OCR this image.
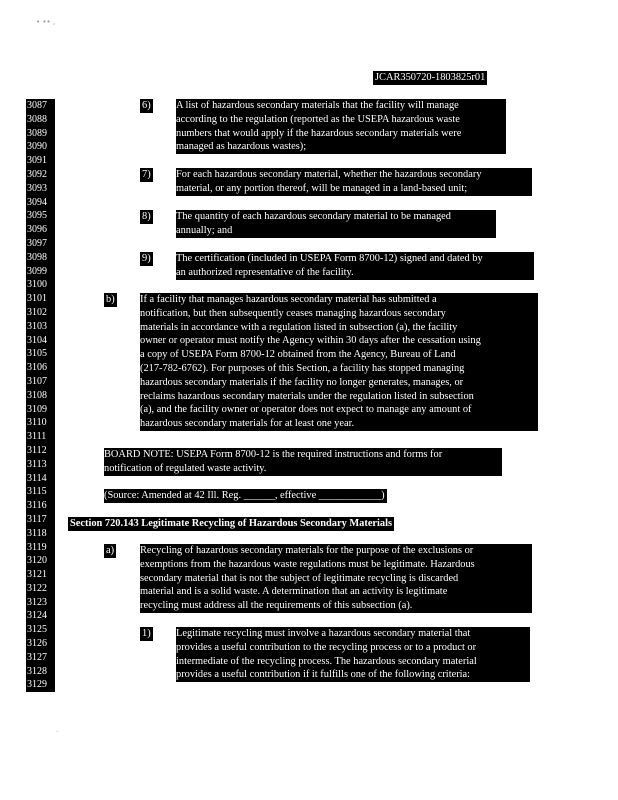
• •• ,
JCAR350720-1803825r01
3087
3088
3089
3090
3091
3092
3093
3094
3095
3096
3097
3098
3099
3100
3101
3102
3103
3104
3105
3106
3107
3108
3109
3110
3111
3112
3113
3114
3115
3116
3117
3118
3119
3120
3121
3122
3123
3124
3125
3126
3127
3128
3129
6) A list of hazardous secondary materials that the facility will manage
according to the regulation (reported as the USEPA hazardous waste
numbers that would apply if the hazardous secondary materials were
managed as hazardous wastes);
7) For each hazardous secondary material, whether the hazardous secondary
material, or any portion thereof, will be managed in a land-based unit;
8) The quantity of each hazardous secondary material to be managed
annually; and
9) The certification (included in USEPA Form 8700-12) signed and dated by
an authorized representative of the facility.
b) If a facility that manages hazardous secondary material has submitted a
notification, but then subsequently ceases managing hazardous secondary
materials in accordance with a regulation listed in subsection (a), the facility
owner or operator must notify the Agency within 30 days after the cessation using
a copy of USEPA Form 8700-12 obtained from the Agency, Bureau of Land
(217-782-6762). For purposes of this Section, a facility has stopped managing
hazardous secondary materials if the facility no longer generates, manages, or
reclaims hazardous secondary materials under the regulation listed in subsection
(a), and the facility owner or operator does not expect to manage any amount of
hazardous secondary materials for at least one year.
BOARD NOTE: USEPA Form 8700-12 is the required instructions and forms for
notification of regulated waste activity.
(Source: Amended at 42 Ill. Reg. ______, effective ____________)
Section 720.143 Legitimate Recycling of Hazardous Secondary Materials
a) Recycling of hazardous secondary materials for the purpose of the exclusions or
exemptions from the hazardous waste regulations must be legitimate. Hazardous
secondary material that is not the subject of legitimate recycling is discarded
material and is a solid waste. A determination that an activity is legitimate
recycling must address all the requirements of this subsection (a).
1) Legitimate recycling must involve a hazardous secondary material that
provides a useful contribution to the recycling process or to a product or
intermediate of the recycling process. The hazardous secondary material
provides a useful contribution if it fulfills one of the following criteria:
·
